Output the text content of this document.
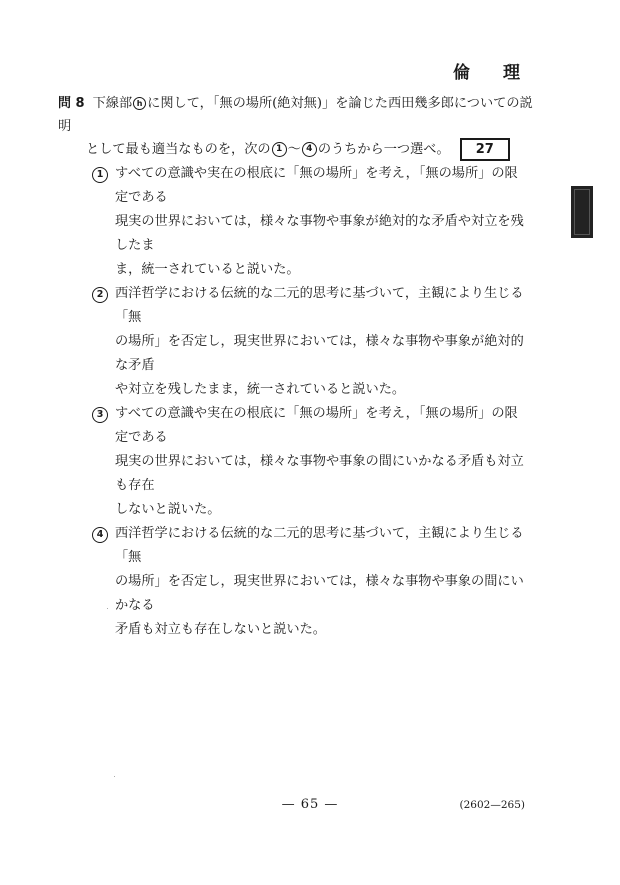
倫　理
問 8 下線部 h に関して，「無の場所(絶対無)」を論じた西田幾多郎についての説明
として最も適当なものを，次の 1 ～ 4 のうちから一つ選べ。 27
1 すべての意識や実在の根底に「無の場所」を考え，「無の場所」の限定である
現実の世界においては，様々な事物や事象が絶対的な矛盾や対立を残したま
ま，統一されていると説いた。
2 西洋哲学における伝統的な二元的思考に基づいて，主観により生じる「無
の場所」を否定し，現実世界においては，様々な事物や事象が絶対的な矛盾
や対立を残したまま，統一されていると説いた。
3 すべての意識や実在の根底に「無の場所」を考え，「無の場所」の限定である
現実の世界においては，様々な事物や事象の間にいかなる矛盾も対立も存在
しないと説いた。
4 西洋哲学における伝統的な二元的思考に基づいて，主観により生じる「無
の場所」を否定し，現実世界においては，様々な事物や事象の間にいかなる
矛盾も対立も存在しないと説いた。
— 65 —	(2602—265)
